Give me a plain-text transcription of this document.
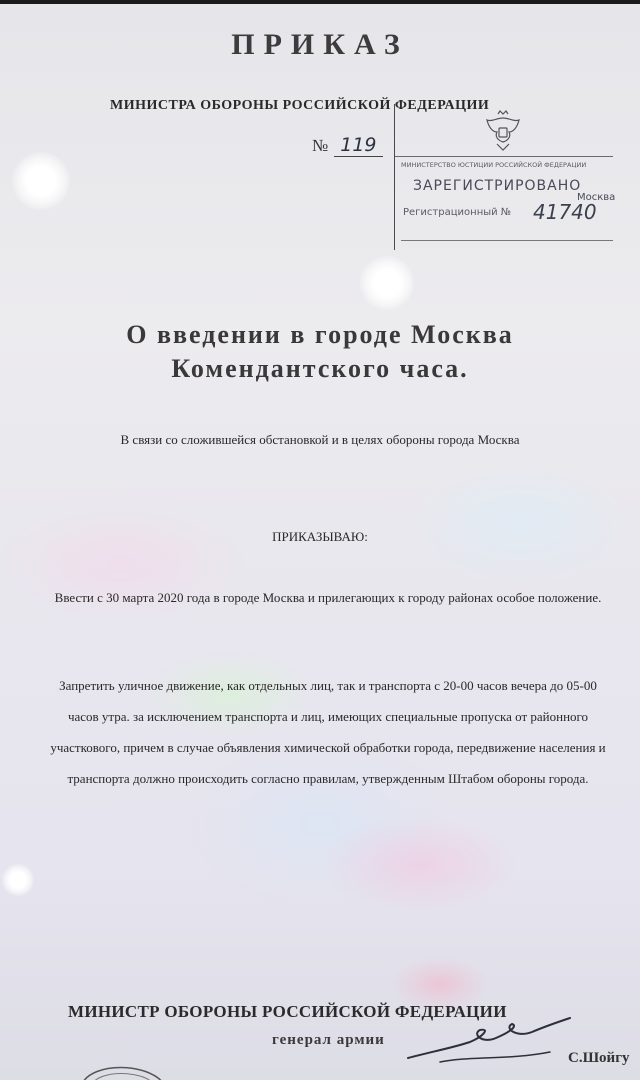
ПРИКАЗ
МИНИСТРА ОБОРОНЫ РОССИЙСКОЙ ФЕДЕРАЦИИ
№ 119
МИНИСТЕРСТВО ЮСТИЦИИ РОССИЙСКОЙ ФЕДЕРАЦИИ
ЗАРЕГИСТРИРОВАНО
Москва
Регистрационный № 41740
О введении в городе Москва
Комендантского часа.
В связи со сложившейся обстановкой и в целях обороны города Москва
ПРИКАЗЫВАЮ:
Ввести с 30 марта 2020 года в городе Москва и прилегающих к городу районах особое положение.
Запретить уличное движение, как отдельных лиц, так и транспорта с 20-00 часов вечера до 05-00 часов утра. за исключением транспорта и лиц, имеющих специальные пропуска от районного участкового, причем в случае объявления химической обработки города, передвижение населения и транспорта должно происходить согласно правилам, утвержденным Штабом обороны города.
МИНИСТР ОБОРОНЫ РОССИЙСКОЙ ФЕДЕРАЦИИ
генерал армии
С.Шойгу
